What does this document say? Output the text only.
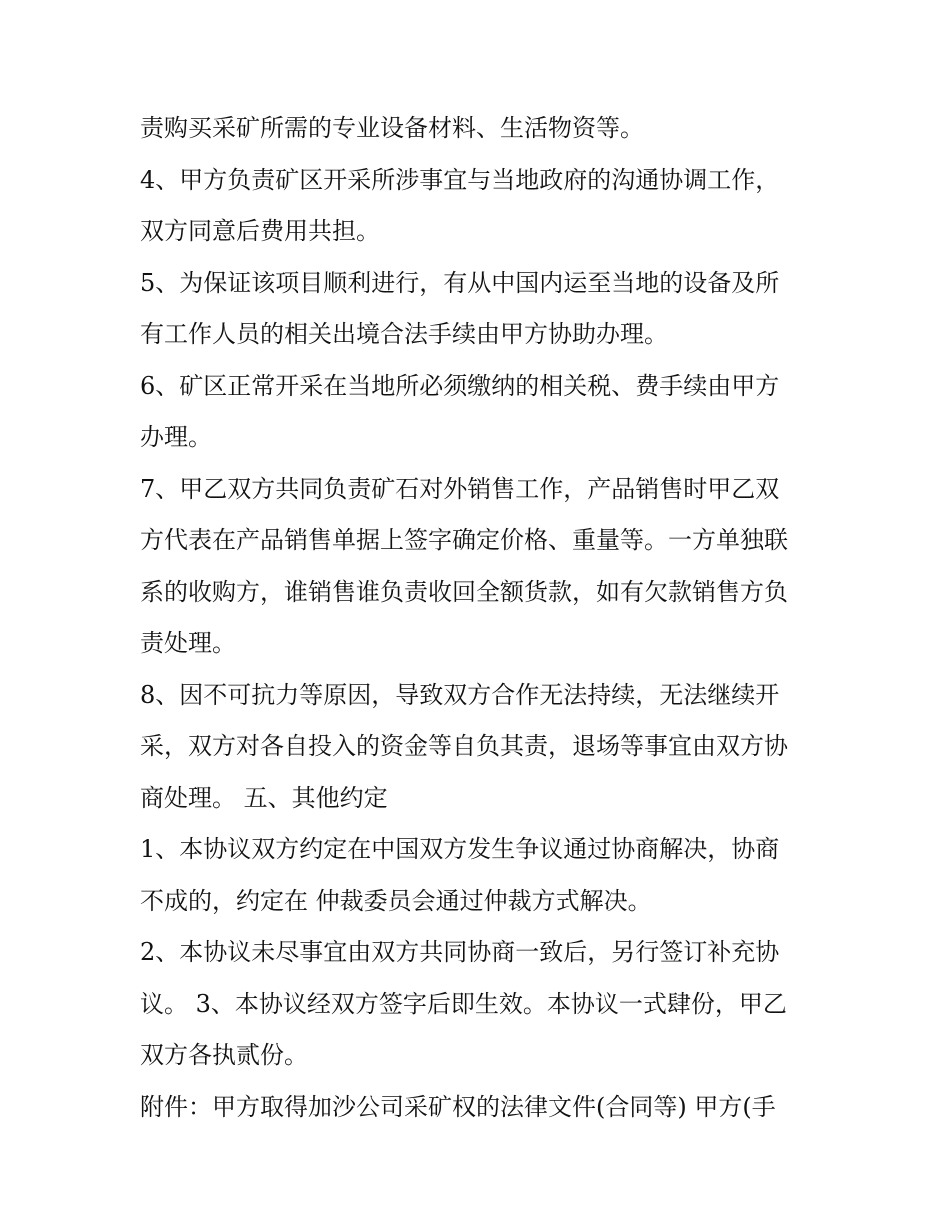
责购买采矿所需的专业设备材料、生活物资等。
4、甲方负责矿区开采所涉事宜与当地政府的沟通协调工作，
双方同意后费用共担。
5、为保证该项目顺利进行，有从中国内运至当地的设备及所
有工作人员的相关出境合法手续由甲方协助办理。
6、矿区正常开采在当地所必须缴纳的相关税、费手续由甲方
办理。
7、甲乙双方共同负责矿石对外销售工作，产品销售时甲乙双
方代表在产品销售单据上签字确定价格、重量等。一方单独联
系的收购方，谁销售谁负责收回全额货款，如有欠款销售方负
责处理。
8、因不可抗力等原因，导致双方合作无法持续，无法继续开
采，双方对各自投入的资金等自负其责，退场等事宜由双方协
商处理。 五、其他约定
1、本协议双方约定在中国双方发生争议通过协商解决，协商
不成的，约定在 仲裁委员会通过仲裁方式解决。
2、本协议未尽事宜由双方共同协商一致后，另行签订补充协
议。 3、本协议经双方签字后即生效。本协议一式肆份，甲乙
双方各执贰份。
附件：甲方取得加沙公司采矿权的法律文件(合同等) 甲方(手
